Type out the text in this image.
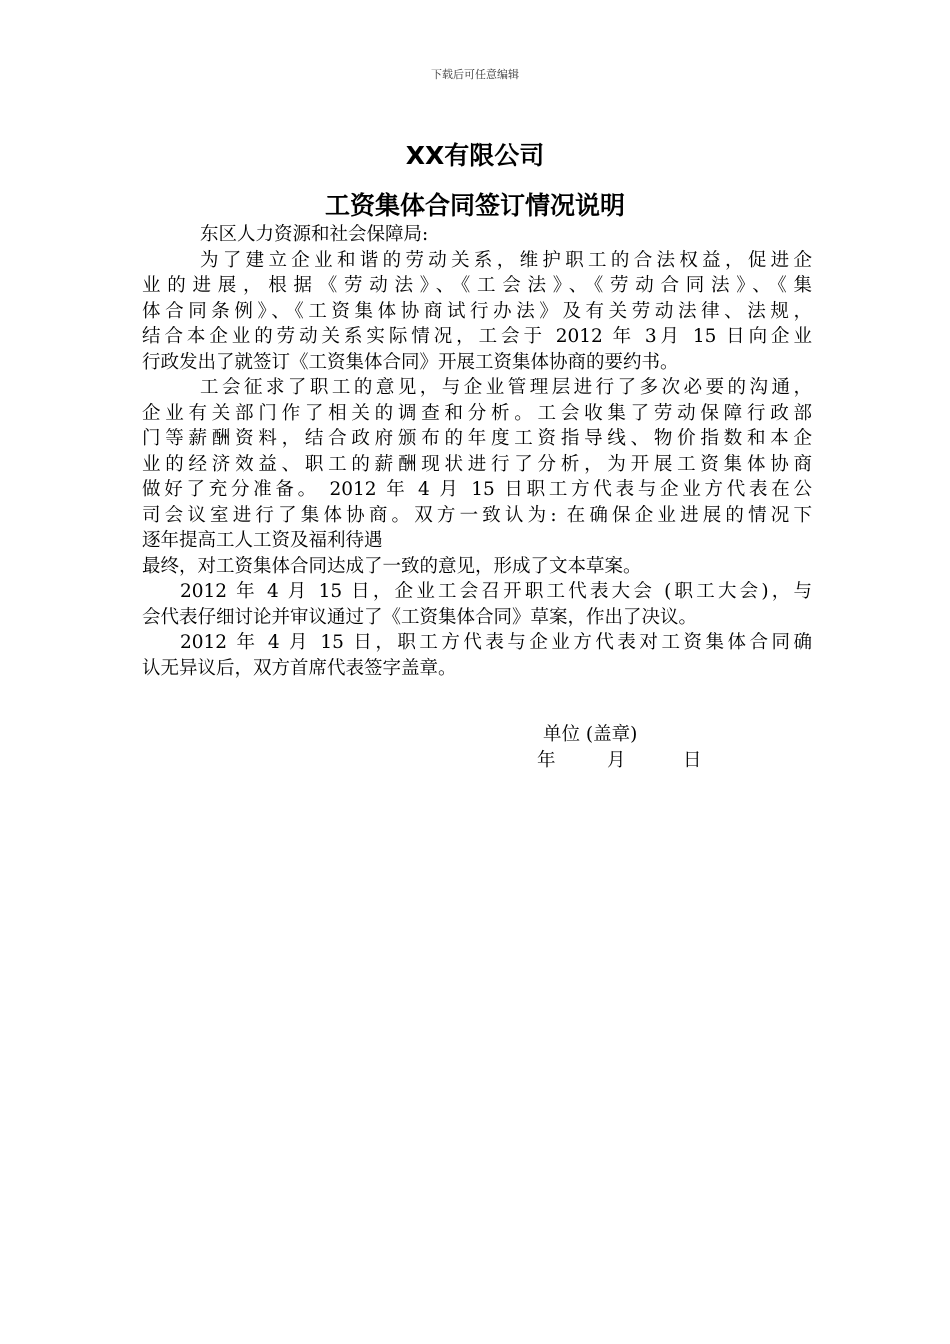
下载后可任意编辑
XX有限公司
工资集体合同签订情况说明
东区人力资源和社会保障局:
为了建立企业和谐的劳动关系，维护职工的合法权益，促进企
业的进展，根据《劳动法》、《工会法》、《劳动合同法》、《集
体合同条例》、《工资集体协商试行办法》及有关劳动法律、法规，
结合本企业的劳动关系实际情况，工会于 2012 年 3月 15 日向企业
行政发出了就签订《工资集体合同》开展工资集体协商的要约书。
工会征求了职工的意见，与企业管理层进行了多次必要的沟通，
企业有关部门作了相关的调查和分析。工会收集了劳动保障行政部
门等薪酬资料，结合政府颁布的年度工资指导线、物价指数和本企
业的经济效益、职工的薪酬现状进行了分析，为开展工资集体协商
做好了充分准备。 2012 年 4 月 15 日职工方代表与企业方代表在公
司会议室进行了集体协商。双方一致认为: 在确保企业进展的情况下
逐年提高工人工资及福利待遇
最终，对工资集体合同达成了一致的意见，形成了文本草案。
2012 年 4 月 15 日，企业工会召开职工代表大会 (职工大会)，与
会代表仔细讨论并审议通过了《工资集体合同》草案，作出了决议。
2012 年 4 月 15 日，职工方代表与企业方代表对工资集体合同确
认无异议后，双方首席代表签字盖章。
单位 (盖章)
年	月	日
